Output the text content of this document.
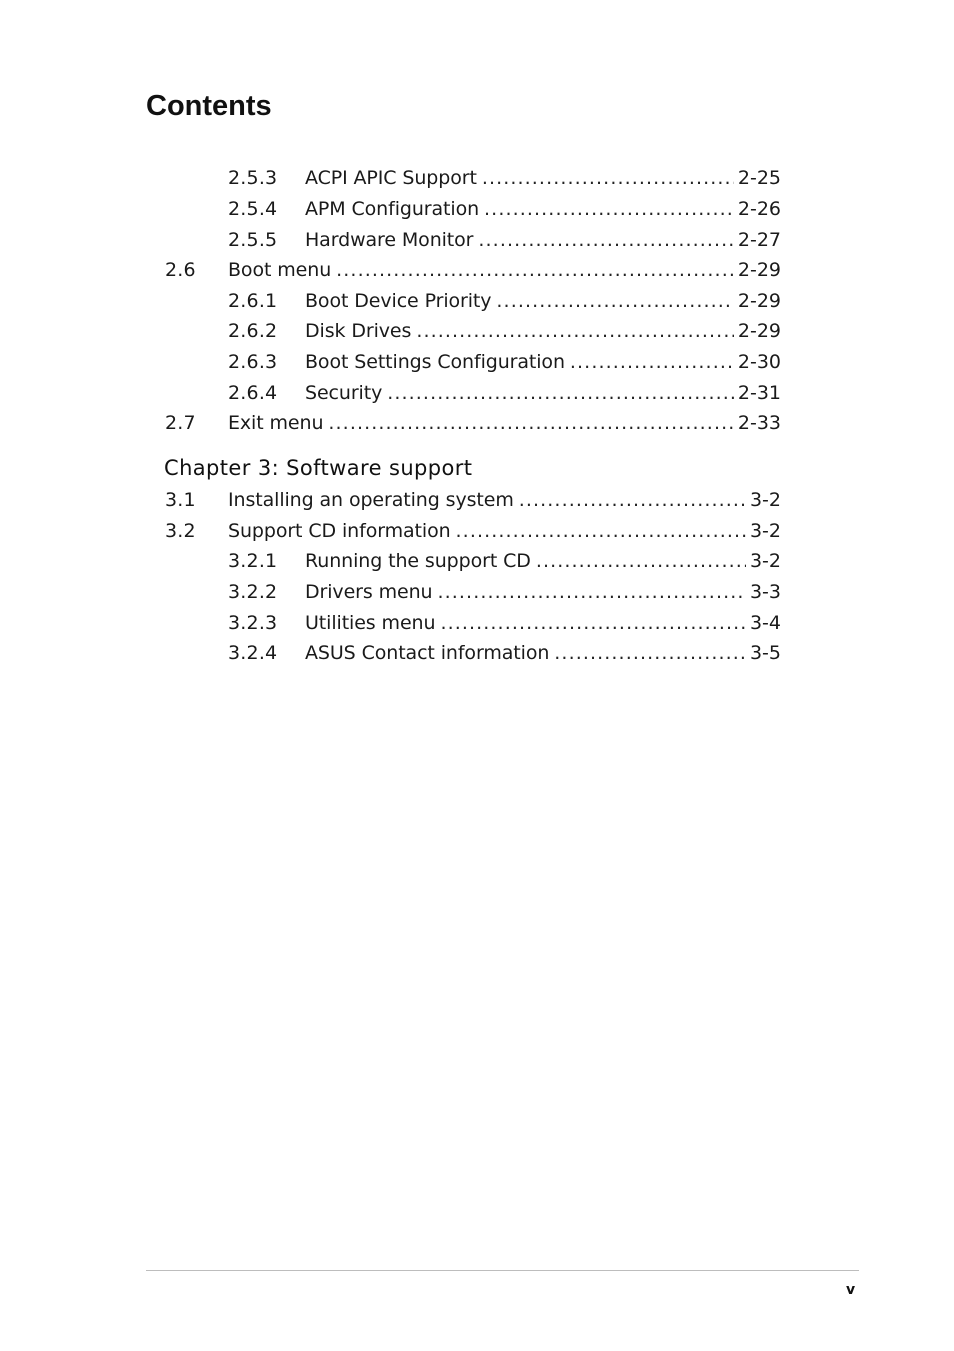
Contents
2.5.3 ACPI APIC Support .....	2-25
2.5.4 APM Configuration .....	2-26
2.5.5 Hardware Monitor .....	2-27
2.6 Boot menu .....	2-29
2.6.1 Boot Device Priority .....	2-29
2.6.2 Disk Drives .....	2-29
2.6.3 Boot Settings Configuration .....	2-30
2.6.4 Security .....	2-31
2.7 Exit menu .....	2-33
Chapter 3: Software support
3.1 Installing an operating system .....	3-2
3.2 Support CD information .....	3-2
3.2.1 Running the support CD .....	3-2
3.2.2 Drivers menu .....	3-3
3.2.3 Utilities menu .....	3-4
3.2.4 ASUS Contact information .....	3-5
v
